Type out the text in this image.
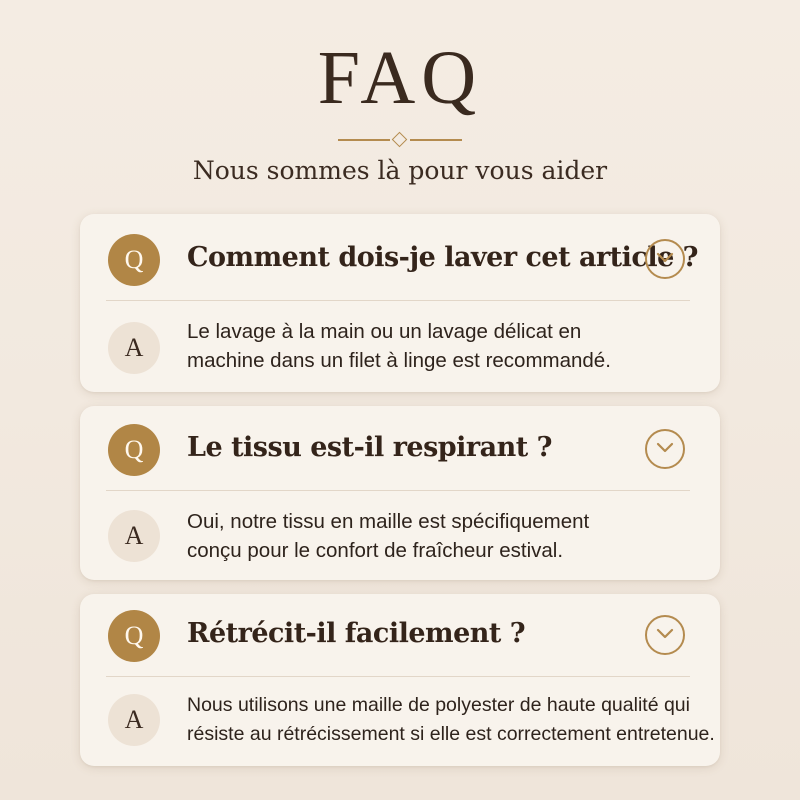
FAQ
Nous sommes là pour vous aider
Q	Comment dois-je laver cet article ?
A
Le lavage à la main ou un lavage délicat en
machine dans un filet à linge est recommandé.
Q	Le tissu est-il respirant ?
A	Oui, notre tissu en maille est spécifiquement
conçu pour le confort de fraîcheur estival.
Q	Rétrécit-il facilement ?
A	Nous utilisons une maille de polyester de haute qualité qui
résiste au rétrécissement si elle est correctement entretenue.
